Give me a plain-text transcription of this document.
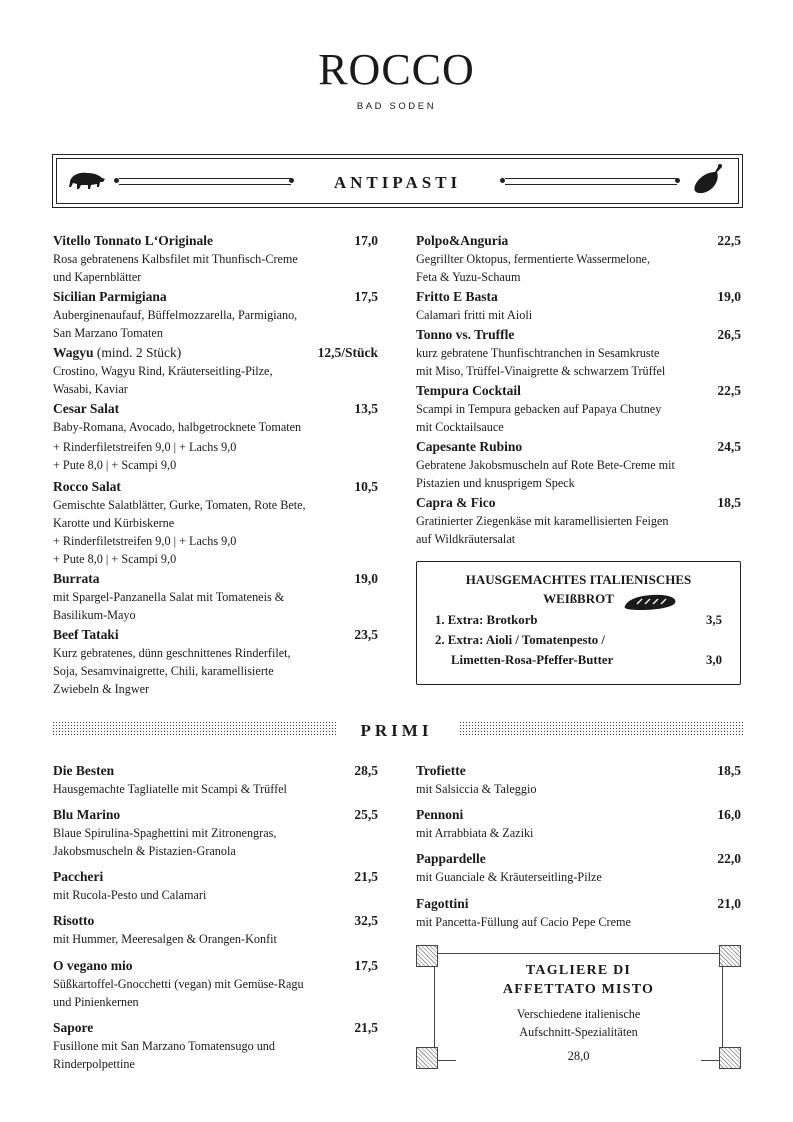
ROCCO
BAD SODEN
ANTIPASTI
Vitello Tonnato L‘Originale	17,0
Rosa gebratenens Kalbsfilet mit Thunfisch-Creme
und Kapernblätter
Sicilian Parmigiana	17,5
Auberginenaufauf, Büffelmozzarella, Parmigiano,
San Marzano Tomaten
Wagyu (mind. 2 Stück)	12,5/Stück
Crostino, Wagyu Rind, Kräuterseitling-Pilze,
Wasabi, Kaviar
Cesar Salat	13,5
Baby-Romana, Avocado, halbgetrocknete Tomaten
+ Rinderfiletstreifen 9,0 | + Lachs 9,0
+ Pute 8,0 | + Scampi 9,0
Rocco Salat	10,5
Gemischte Salatblätter, Gurke, Tomaten, Rote Bete,
Karotte und Kürbiskerne
+ Rinderfiletstreifen 9,0 | + Lachs 9,0
+ Pute 8,0 | + Scampi 9,0
Burrata	19,0
mit Spargel-Panzanella Salat mit Tomateneis &
Basilikum-Mayo
Beef Tataki	23,5
Kurz gebratenes, dünn geschnittenes Rinderfilet,
Soja, Sesamvinaigrette, Chili, karamellisierte
Zwiebeln & Ingwer
Polpo&Anguria	22,5
Gegrillter Oktopus, fermentierte Wassermelone,
Feta & Yuzu-Schaum
Fritto E Basta	19,0
Calamari fritti mit Aioli
Tonno vs. Truffle	26,5
kurz gebratene Thunfischtranchen in Sesamkruste
mit Miso, Trüffel-Vinaigrette & schwarzem Trüffel
Tempura Cocktail	22,5
Scampi in Tempura gebacken auf Papaya Chutney
mit Cocktailsauce
Capesante Rubino	24,5
Gebratene Jakobsmuscheln auf Rote Bete-Creme mit
Pistazien und knusprigem Speck
Capra & Fico	18,5
Gratinierter Ziegenkäse mit karamellisierten Feigen
auf Wildkräutersalat
HAUSGEMACHTES ITALIENISCHES
WEIßBROT
1. Extra: Brotkorb	3,5
2. Extra: Aioli / Tomatenpesto /
Limetten-Rosa-Pfeffer-Butter	3,0
PRIMI
Die Besten	28,5
Hausgemachte Tagliatelle mit Scampi & Trüffel
Blu Marino	25,5
Blaue Spirulina-Spaghettini mit Zitronengras,
Jakobsmuscheln & Pistazien-Granola
Paccheri	21,5
mit Rucola-Pesto und Calamari
Risotto	32,5
mit Hummer, Meeresalgen & Orangen-Konfit
O vegano mio	17,5
Süßkartoffel-Gnocchetti (vegan) mit Gemüse-Ragu
und Pinienkernen
Sapore	21,5
Fusillone mit San Marzano Tomatensugo und
Rinderpolpettine
Trofiette	18,5
mit Salsiccia & Taleggio
Pennoni	16,0
mit Arrabbiata & Zaziki
Pappardelle	22,0
mit Guanciale & Kräuterseitling-Pilze
Fagottini	21,0
mit Pancetta-Füllung auf Cacio Pepe Creme
TAGLIERE DI
AFFETTATO MISTO
Verschiedene italienische
Aufschnitt-Spezialitäten
28,0
